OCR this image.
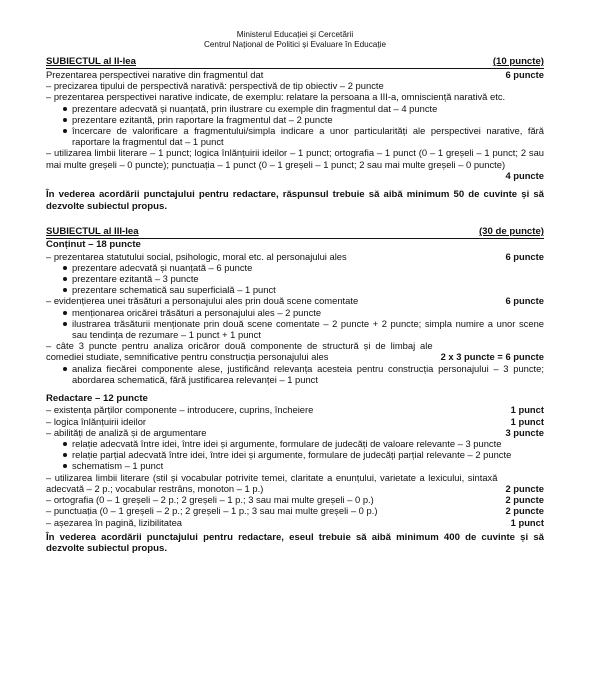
Ministerul Educației și Cercetării
Centrul Național de Politici și Evaluare în Educație
SUBIECTUL al II-lea	(10 puncte)
Prezentarea perspectivei narative din fragmentul dat	6 puncte
– precizarea tipului de perspectivă narativă: perspectivă de tip obiectiv – 2 puncte
– prezentarea perspectivei narative indicate, de exemplu: relatare la persoana a III-a, omnisciență narativă etc.
prezentare adecvată și nuanțată, prin ilustrare cu exemple din fragmentul dat – 4 puncte
prezentare ezitantă, prin raportare la fragmentul dat – 2 puncte
încercare de valorificare a fragmentului/simpla indicare a unor particularități ale perspectivei narative, fără raportare la fragmentul dat – 1 punct
– utilizarea limbii literare – 1 punct; logica înlănțuirii ideilor – 1 punct; ortografia – 1 punct (0 – 1 greșeli – 1 punct; 2 sau mai multe greșeli – 0 puncte); punctuația – 1 punct (0 – 1 greșeli – 1 punct; 2 sau mai multe greșeli – 0 puncte)
4 puncte
În vederea acordării punctajului pentru redactare, răspunsul trebuie să aibă minimum 50 de cuvinte și să dezvolte subiectul propus.
SUBIECTUL al III-lea	(30 de puncte)
Conținut – 18 puncte
– prezentarea statutului social, psihologic, moral etc. al personajului ales	6 puncte
prezentare adecvată și nuanțată – 6 puncte
prezentare ezitantă – 3 puncte
prezentare schematică sau superficială – 1 punct
– evidențierea unei trăsături a personajului ales prin două scene comentate	6 puncte
menționarea oricărei trăsături a personajului ales – 2 puncte
ilustrarea trăsăturii menționate prin două scene comentate – 2 puncte + 2 puncte; simpla numire a unor scene sau tendința de rezumare – 1 punct + 1 punct
– câte 3 puncte pentru analiza oricăror două componente de structură și de limbaj ale comediei studiate, semnificative pentru construcția personajului ales	2 x 3 puncte = 6 puncte
analiza fiecărei componente alese, justificând relevanța acesteia pentru construcția personajului – 3 puncte; abordarea schematică, fără justificarea relevanței – 1 punct
Redactare – 12 puncte
– existența părților componente – introducere, cuprins, încheiere	1 punct
– logica înlănțuirii ideilor	1 punct
– abilități de analiză și de argumentare	3 puncte
relație adecvată între idei, între idei și argumente, formulare de judecăți de valoare relevante – 3 puncte
relație parțial adecvată între idei, între idei și argumente, formulare de judecăți parțial relevante – 2 puncte
schematism – 1 punct
– utilizarea limbii literare (stil și vocabular potrivite temei, claritate a enunțului, varietate a lexicului, sintaxă adecvată – 2 p.; vocabular restrâns, monoton – 1 p.)	2 puncte
– ortografia (0 – 1 greșeli – 2 p.; 2 greșeli – 1 p.; 3 sau mai multe greșeli – 0 p.)	2 puncte
– punctuația (0 – 1 greșeli – 2 p.; 2 greșeli – 1 p.; 3 sau mai multe greșeli – 0 p.)	2 puncte
– așezarea în pagină, lizibilitatea	1 punct
În vederea acordării punctajului pentru redactare, eseul trebuie să aibă minimum 400 de cuvinte și să dezvolte subiectul propus.
